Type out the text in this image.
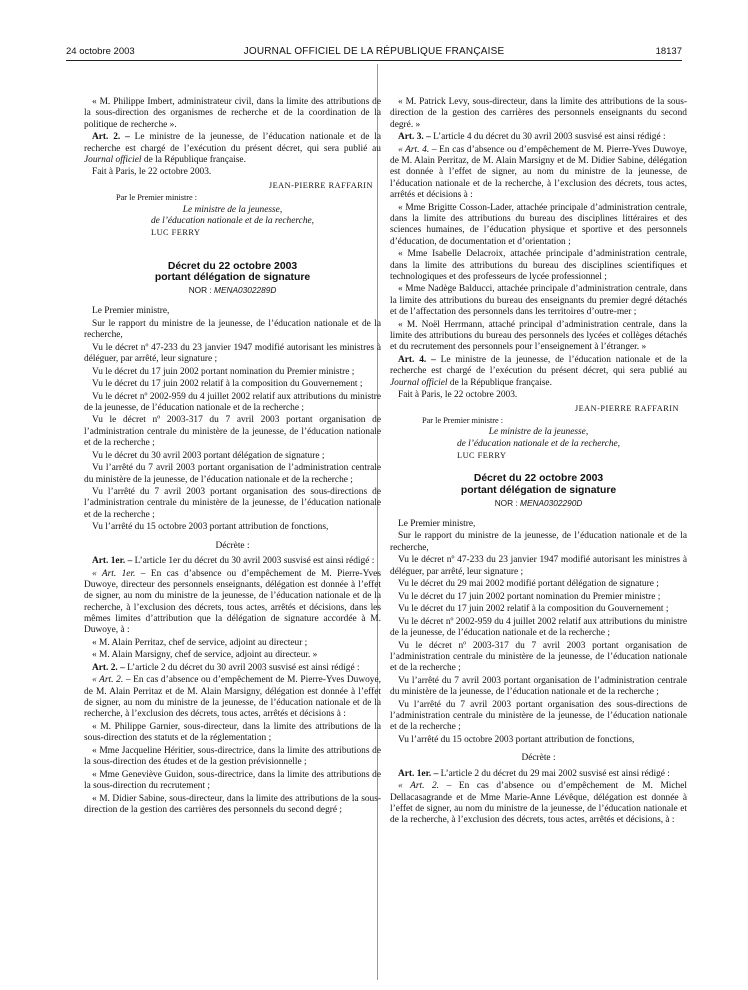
24 octobre 2003	JOURNAL OFFICIEL DE LA RÉPUBLIQUE FRANÇAISE	18137

« M. Philippe Imbert, administrateur civil, dans la limite des attributions de la sous-direction des organismes de recherche et de la coordination de la politique de recherche ».

Art. 2. – Le ministre de la jeunesse, de l’éducation nationale et de la recherche est chargé de l’exécution du présent décret, qui sera publié au Journal officiel de la République française.

Fait à Paris, le 22 octobre 2003.

JEAN-PIERRE RAFFARIN

Par le Premier ministre :

Le ministre de la jeunesse,

de l’éducation nationale et de la recherche,

LUC FERRY

Décret du 22 octobre 2003
portant délégation de signature
NOR : MENA0302289D

Le Premier ministre,

Sur le rapport du ministre de la jeunesse, de l’éducation nationale et de la recherche,

Vu le décret nº 47-233 du 23 janvier 1947 modifié autorisant les ministres à déléguer, par arrêté, leur signature ;

Vu le décret du 17 juin 2002 portant nomination du Premier ministre ;

Vu le décret du 17 juin 2002 relatif à la composition du Gouvernement ;

Vu le décret nº 2002-959 du 4 juillet 2002 relatif aux attributions du ministre de la jeunesse, de l’éducation nationale et de la recherche ;

Vu le décret nº 2003-317 du 7 avril 2003 portant organisation de l’administration centrale du ministère de la jeunesse, de l’éducation nationale et de la recherche ;

Vu le décret du 30 avril 2003 portant délégation de signature ;

Vu l’arrêté du 7 avril 2003 portant organisation de l’administration centrale du ministère de la jeunesse, de l’éducation nationale et de la recherche ;

Vu l’arrêté du 7 avril 2003 portant organisation des sous-directions de l’administration centrale du ministère de la jeunesse, de l’éducation nationale et de la recherche ;

Vu l’arrêté du 15 octobre 2003 portant attribution de fonctions,

Décrète :

Art. 1er. – L’article 1er du décret du 30 avril 2003 susvisé est ainsi rédigé :

« Art. 1er. – En cas d’absence ou d’empêchement de M. Pierre-Yves Duwoye, directeur des personnels enseignants, délégation est donnée à l’effet de signer, au nom du ministre de la jeunesse, de l’éducation nationale et de la recherche, à l’exclusion des décrets, tous actes, arrêtés et décisions, dans les mêmes limites d’attribution que la délégation de signature accordée à M. Duwoye, à :

« M. Alain Perritaz, chef de service, adjoint au directeur ;

« M. Alain Marsigny, chef de service, adjoint au directeur. »

Art. 2. – L’article 2 du décret du 30 avril 2003 susvisé est ainsi rédigé :

« Art. 2. – En cas d’absence ou d’empêchement de M. Pierre-Yves Duwoye, de M. Alain Perritaz et de M. Alain Marsigny, délégation est donnée à l’effet de signer, au nom du ministre de la jeunesse, de l’éducation nationale et de la recherche, à l’exclusion des décrets, tous actes, arrêtés et décisions à :

« M. Philippe Garnier, sous-directeur, dans la limite des attributions de la sous-direction des statuts et de la réglementation ;

« Mme Jacqueline Héritier, sous-directrice, dans la limite des attributions de la sous-direction des études et de la gestion prévisionnelle ;

« Mme Geneviève Guidon, sous-directrice, dans la limite des attributions de la sous-direction du recrutement ;

« M. Didier Sabine, sous-directeur, dans la limite des attributions de la sous-direction de la gestion des carrières des personnels du second degré ;

« M. Patrick Levy, sous-directeur, dans la limite des attributions de la sous-direction de la gestion des carrières des personnels enseignants du second degré. »

Art. 3. – L’article 4 du décret du 30 avril 2003 susvisé est ainsi rédigé :

« Art. 4. – En cas d’absence ou d’empêchement de M. Pierre-Yves Duwoye, de M. Alain Perritaz, de M. Alain Marsigny et de M. Didier Sabine, délégation est donnée à l’effet de signer, au nom du ministre de la jeunesse, de l’éducation nationale et de la recherche, à l’exclusion des décrets, tous actes, arrêtés et décisions à :

« Mme Brigitte Cosson-Lader, attachée principale d’administration centrale, dans la limite des attributions du bureau des disciplines littéraires et des sciences humaines, de l’éducation physique et sportive et des personnels d’éducation, de documentation et d’orientation ;

« Mme Isabelle Delacroix, attachée principale d’administration centrale, dans la limite des attributions du bureau des disciplines scientifiques et technologiques et des professeurs de lycée professionnel ;

« Mme Nadège Balducci, attachée principale d’administration centrale, dans la limite des attributions du bureau des enseignants du premier degré détachés et de l’affectation des personnels dans les territoires d’outre-mer ;

« M. Noël Herrmann, attaché principal d’administration centrale, dans la limite des attributions du bureau des personnels des lycées et collèges détachés et du recrutement des personnels pour l’enseignement à l’étranger. »

Art. 4. – Le ministre de la jeunesse, de l’éducation nationale et de la recherche est chargé de l’exécution du présent décret, qui sera publié au Journal officiel de la République française.

Fait à Paris, le 22 octobre 2003.

JEAN-PIERRE RAFFARIN

Par le Premier ministre :

Le ministre de la jeunesse,

de l’éducation nationale et de la recherche,

LUC FERRY

Décret du 22 octobre 2003
portant délégation de signature
NOR : MENA0302290D

Le Premier ministre,

Sur le rapport du ministre de la jeunesse, de l’éducation nationale et de la recherche,

Vu le décret nº 47-233 du 23 janvier 1947 modifié autorisant les ministres à déléguer, par arrêté, leur signature ;

Vu le décret du 29 mai 2002 modifié portant délégation de signature ;

Vu le décret du 17 juin 2002 portant nomination du Premier ministre ;

Vu le décret du 17 juin 2002 relatif à la composition du Gouvernement ;

Vu le décret nº 2002-959 du 4 juillet 2002 relatif aux attributions du ministre de la jeunesse, de l’éducation nationale et de la recherche ;

Vu le décret nº 2003-317 du 7 avril 2003 portant organisation de l’administration centrale du ministère de la jeunesse, de l’éducation nationale et de la recherche ;

Vu l’arrêté du 7 avril 2003 portant organisation de l’administration centrale du ministère de la jeunesse, de l’éducation nationale et de la recherche ;

Vu l’arrêté du 7 avril 2003 portant organisation des sous-directions de l’administration centrale du ministère de la jeunesse, de l’éducation nationale et de la recherche ;

Vu l’arrêté du 15 octobre 2003 portant attribution de fonctions,

Décrète :

Art. 1er. – L’article 2 du décret du 29 mai 2002 susvisé est ainsi rédigé :

« Art. 2. – En cas d’absence ou d’empêchement de M. Michel Dellacasagrande et de Mme Marie-Anne Lévêque, délégation est donnée à l’effet de signer, au nom du ministre de la jeunesse, de l’éducation nationale et de la recherche, à l’exclusion des décrets, tous actes, arrêtés et décisions, à :
